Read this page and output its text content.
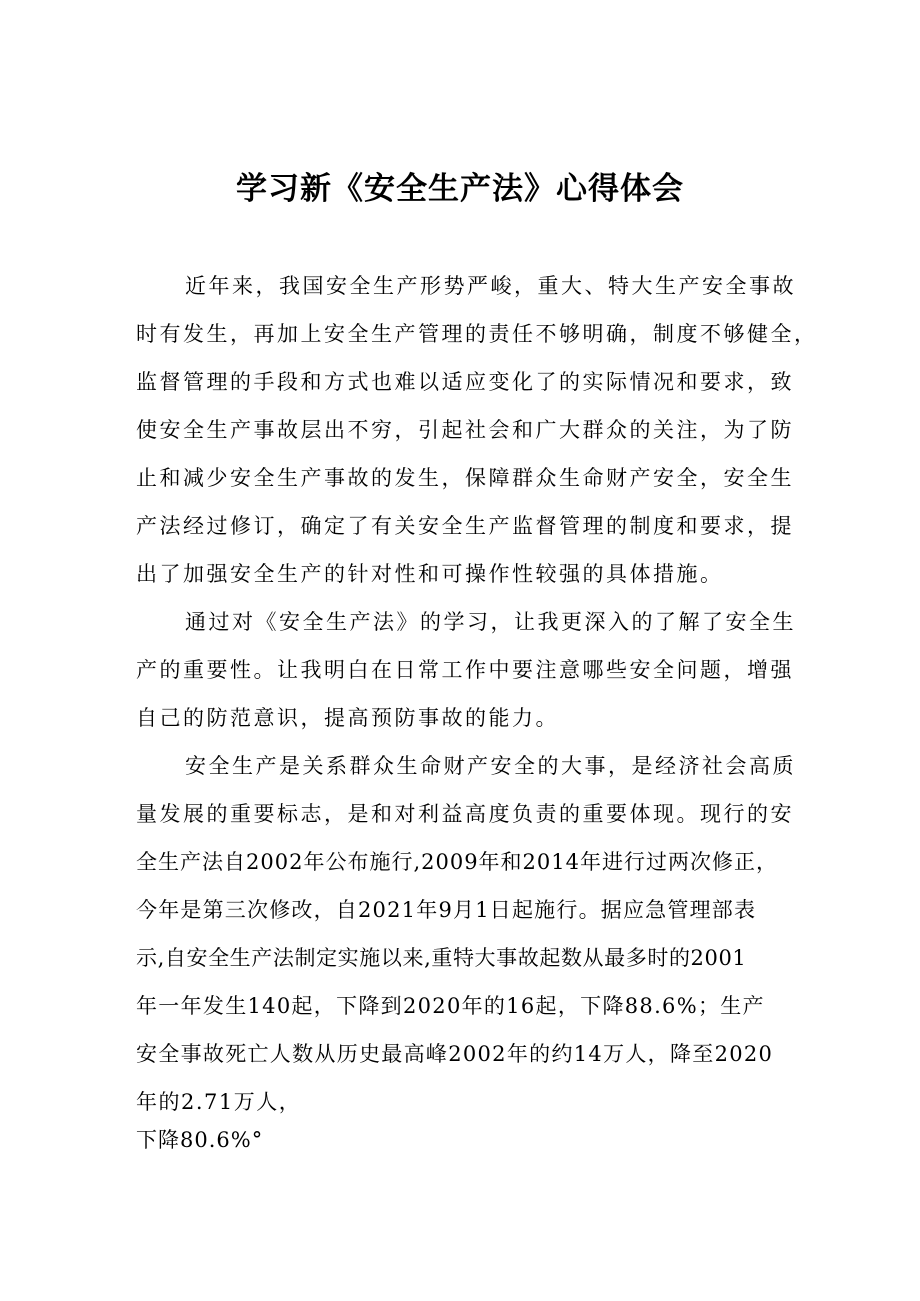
学习新《安全生产法》心得体会

近年来，我国安全生产形势严峻，重大、特大生产安全事故

时有发生，再加上安全生产管理的责任不够明确，制度不够健全，

监督管理的手段和方式也难以适应变化了的实际情况和要求，致

使安全生产事故层出不穷，引起社会和广大群众的关注，为了防

止和减少安全生产事故的发生，保障群众生命财产安全，安全生

产法经过修订，确定了有关安全生产监督管理的制度和要求，提

出了加强安全生产的针对性和可操作性较强的具体措施。

通过对《安全生产法》的学习，让我更深入的了解了安全生

产的重要性。让我明白在日常工作中要注意哪些安全问题，增强

自己的防范意识，提高预防事故的能力。

安全生产是关系群众生命财产安全的大事，是经济社会高质

量发展的重要标志，是和对利益高度负责的重要体现。现行的安

全生产法自2002年公布施行,2009年和2014年进行过两次修正，

今年是第三次修改，自2021年9月1日起施行。据应急管理部表

示,自安全生产法制定实施以来,重特大事故起数从最多时的2001

年一年发生140起，下降到2020年的16起，下降88.6%；生产

安全事故死亡人数从历史最高峰2002年的约14万人，降至2020

年的2.71万人，

下降80.6%°
